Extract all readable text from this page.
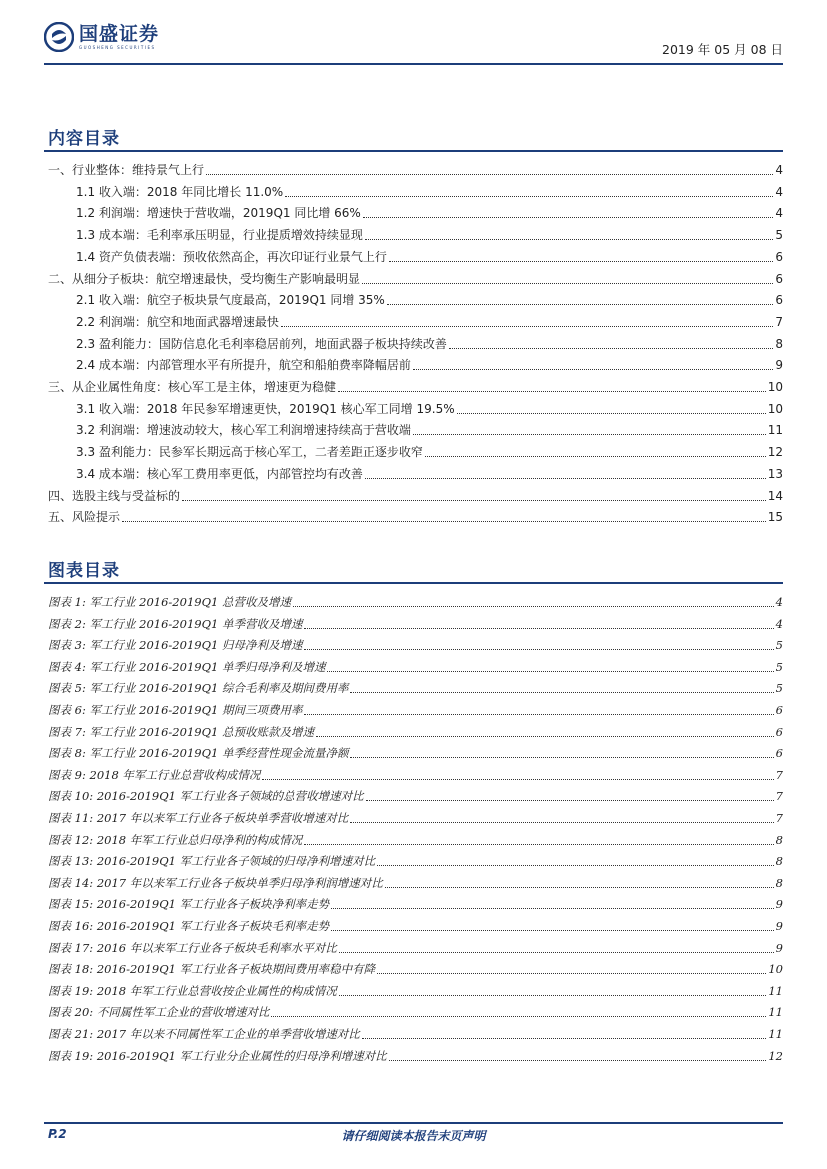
国盛证券
GUOSHENG SECURITIES	2019 年 05 月 08 日
内容目录
一、行业整体：维持景气上行	4
1.1 收入端：2018 年同比增长 11.0%	4
1.2 利润端：增速快于营收端，2019Q1 同比增 66%	4
1.3 成本端：毛利率承压明显，行业提质增效持续显现	5
1.4 资产负债表端：预收依然高企，再次印证行业景气上行	6
二、从细分子板块：航空增速最快，受均衡生产影响最明显	6
2.1 收入端：航空子板块景气度最高，2019Q1 同增 35%	6
2.2 利润端：航空和地面武器增速最快	7
2.3 盈利能力：国防信息化毛利率稳居前列，地面武器子板块持续改善	8
2.4 成本端：内部管理水平有所提升，航空和船舶费率降幅居前	9
三、从企业属性角度：核心军工是主体，增速更为稳健	10
3.1 收入端：2018 年民参军增速更快，2019Q1 核心军工同增 19.5%	10
3.2 利润端：增速波动较大，核心军工利润增速持续高于营收端	11
3.3 盈利能力：民参军长期远高于核心军工，二者差距正逐步收窄	12
3.4 成本端：核心军工费用率更低，内部管控均有改善	13
四、选股主线与受益标的	14
五、风险提示	15
图表目录
图表 1: 军工行业 2016-2019Q1 总营收及增速	4
图表 2: 军工行业 2016-2019Q1 单季营收及增速	4
图表 3: 军工行业 2016-2019Q1 归母净利及增速	5
图表 4: 军工行业 2016-2019Q1 单季归母净利及增速	5
图表 5: 军工行业 2016-2019Q1 综合毛利率及期间费用率	5
图表 6: 军工行业 2016-2019Q1 期间三项费用率	6
图表 7: 军工行业 2016-2019Q1 总预收账款及增速	6
图表 8: 军工行业 2016-2019Q1 单季经营性现金流量净额	6
图表 9: 2018 年军工行业总营收构成情况	7
图表 10: 2016-2019Q1 军工行业各子领域的总营收增速对比	7
图表 11: 2017 年以来军工行业各子板块单季营收增速对比	7
图表 12: 2018 年军工行业总归母净利的构成情况	8
图表 13: 2016-2019Q1 军工行业各子领域的归母净利增速对比	8
图表 14: 2017 年以来军工行业各子板块单季归母净利润增速对比	8
图表 15: 2016-2019Q1 军工行业各子板块净利率走势	9
图表 16: 2016-2019Q1 军工行业各子板块毛利率走势	9
图表 17: 2016 年以来军工行业各子板块毛利率水平对比	9
图表 18: 2016-2019Q1 军工行业各子板块期间费用率稳中有降	10
图表 19: 2018 年军工行业总营收按企业属性的构成情况	11
图表 20: 不同属性军工企业的营收增速对比	11
图表 21: 2017 年以来不同属性军工企业的单季营收增速对比	11
图表 19: 2016-2019Q1 军工行业分企业属性的归母净利增速对比	12
P.2	请仔细阅读本报告末页声明
